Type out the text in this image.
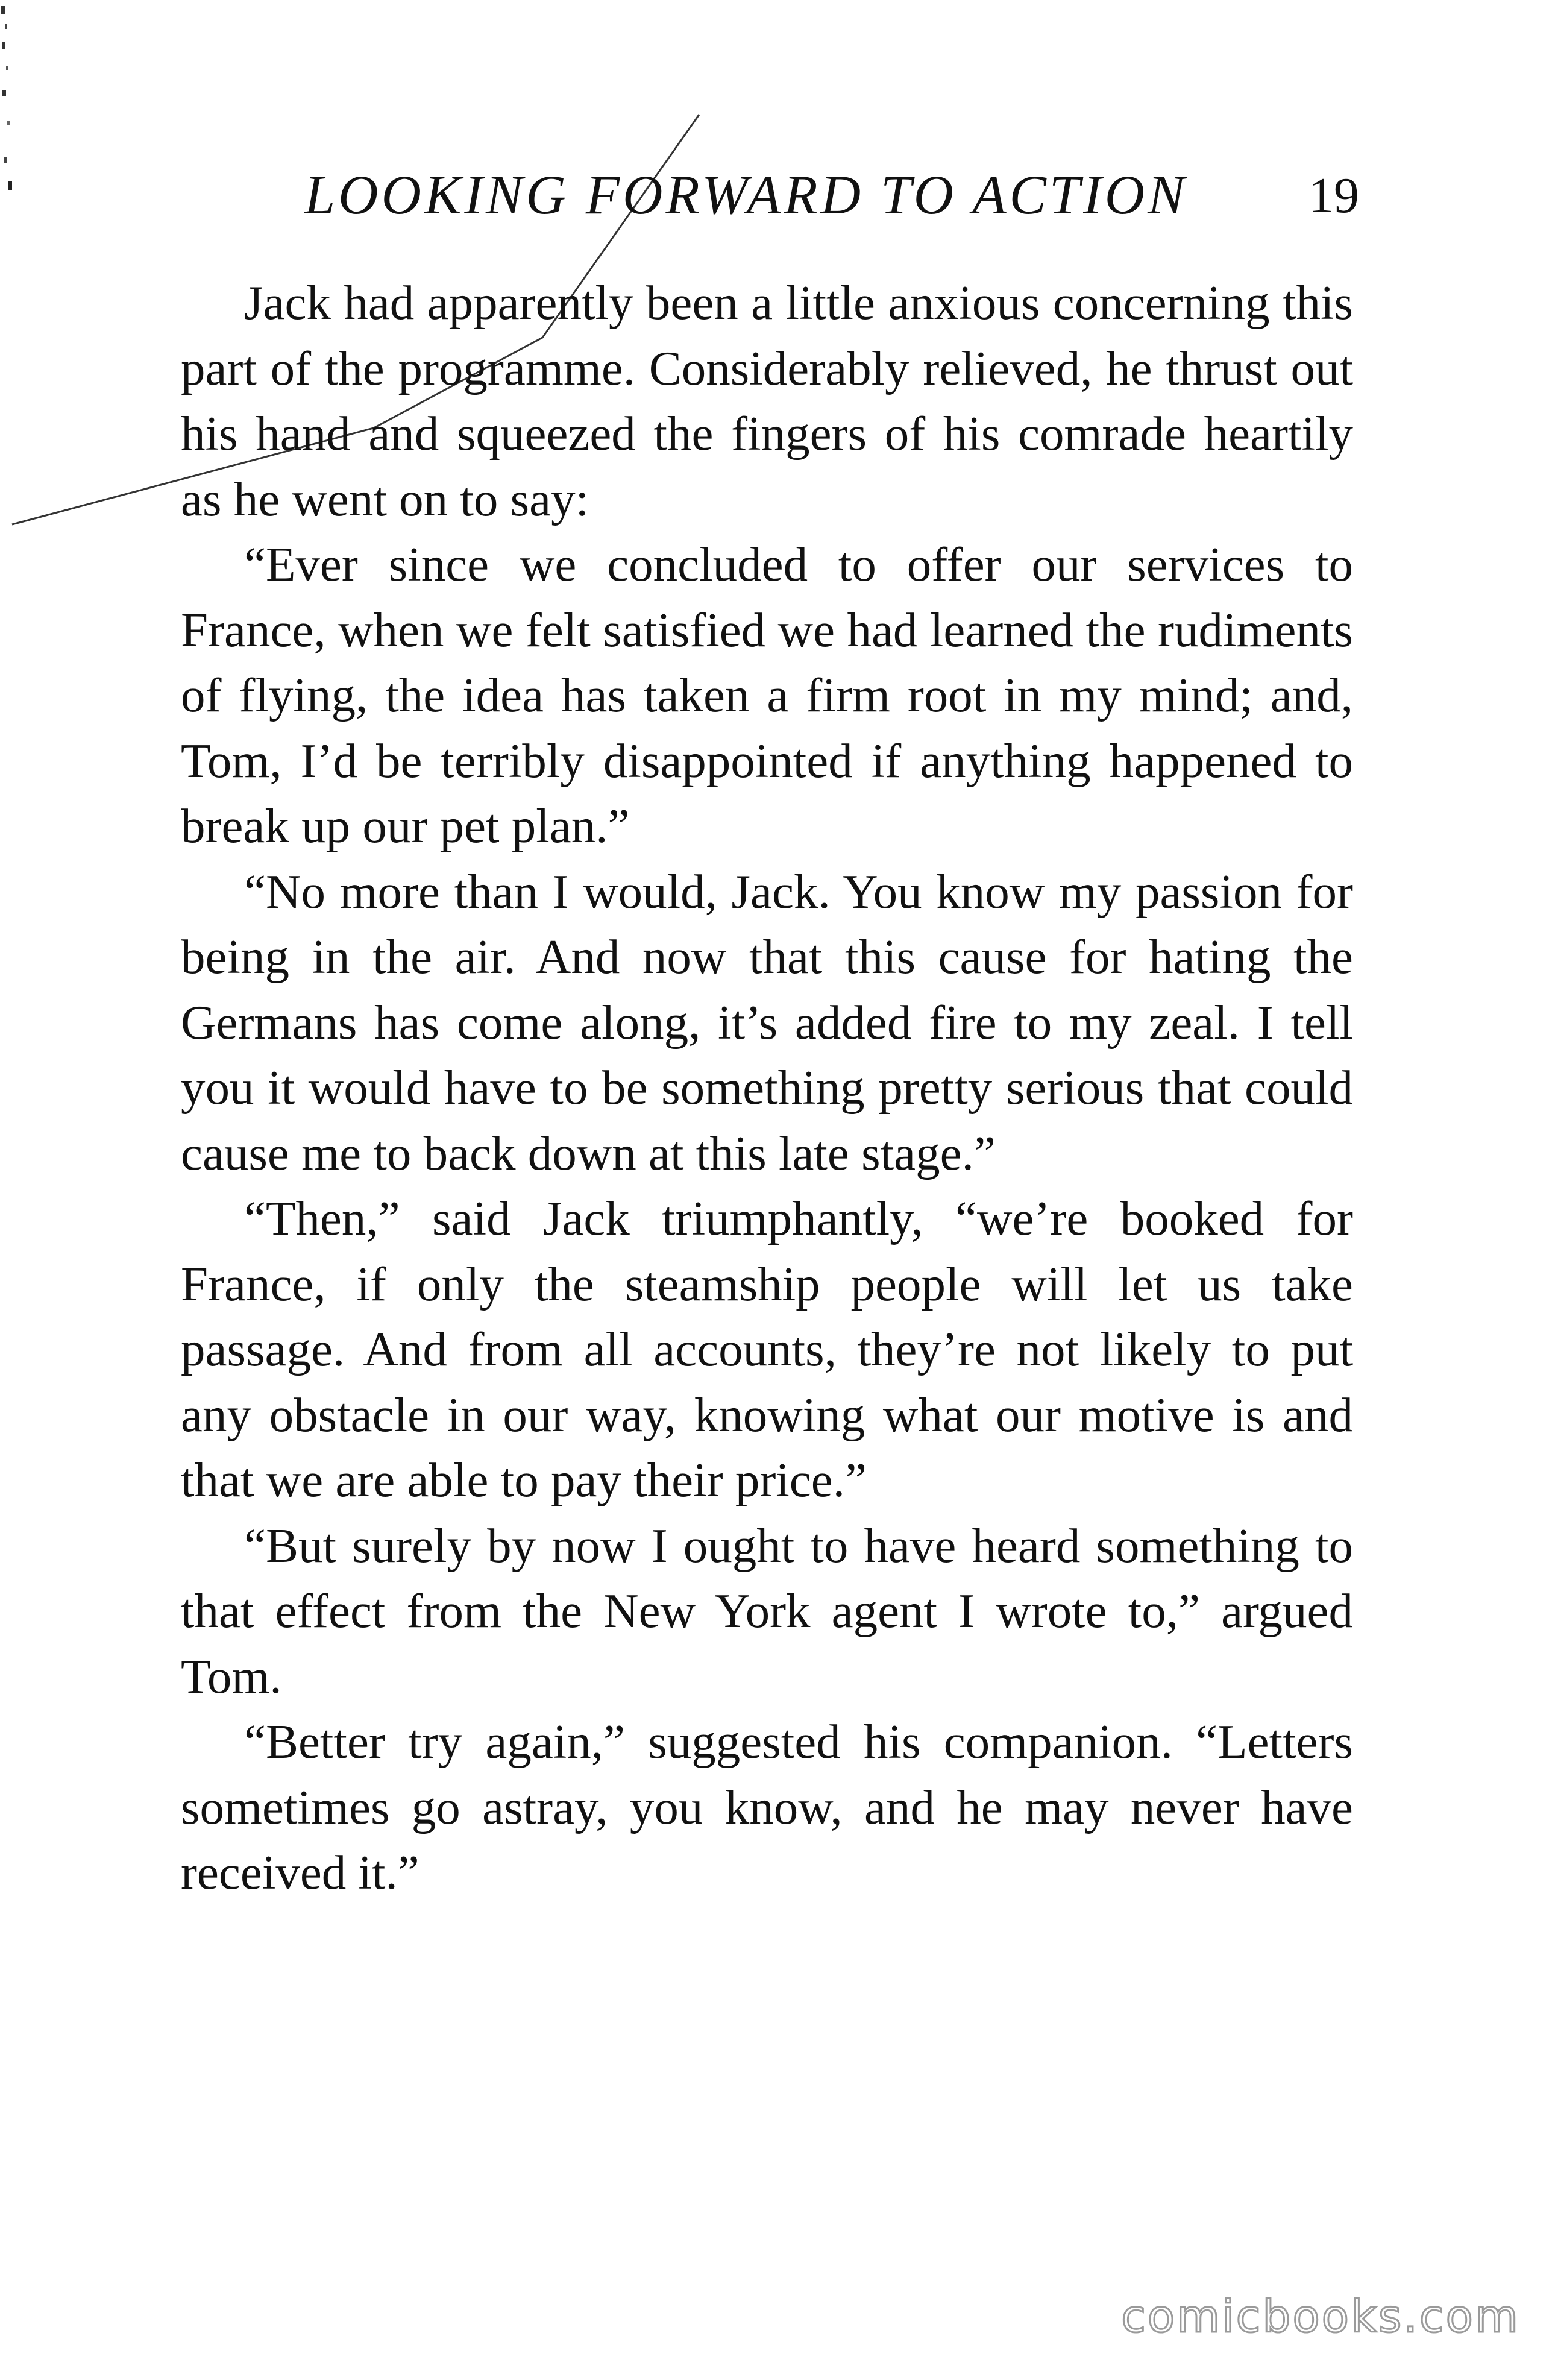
LOOKING FORWARD TO ACTION 19

Jack had apparently been a little anxious concerning this part of the programme. Considerably relieved, he thrust out his hand and squeezed the fingers of his comrade heartily as he went on to say:

“Ever since we concluded to offer our services to France, when we felt satisfied we had learned the rudiments of flying, the idea has taken a firm root in my mind; and, Tom, I’d be terribly disappointed if anything happened to break up our pet plan.”

“No more than I would, Jack. You know my passion for being in the air. And now that this cause for hating the Germans has come along, it’s added fire to my zeal. I tell you it would have to be something pretty serious that could cause me to back down at this late stage.”

“Then,” said Jack triumphantly, “we’re booked for France, if only the steamship people will let us take passage. And from all accounts, they’re not likely to put any obstacle in our way, knowing what our motive is and that we are able to pay their price.”

“But surely by now I ought to have heard something to that effect from the New York agent I wrote to,” argued Tom.

“Better try again,” suggested his companion. “Letters sometimes go astray, you know, and he may never have received it.”

comicbooks.com
